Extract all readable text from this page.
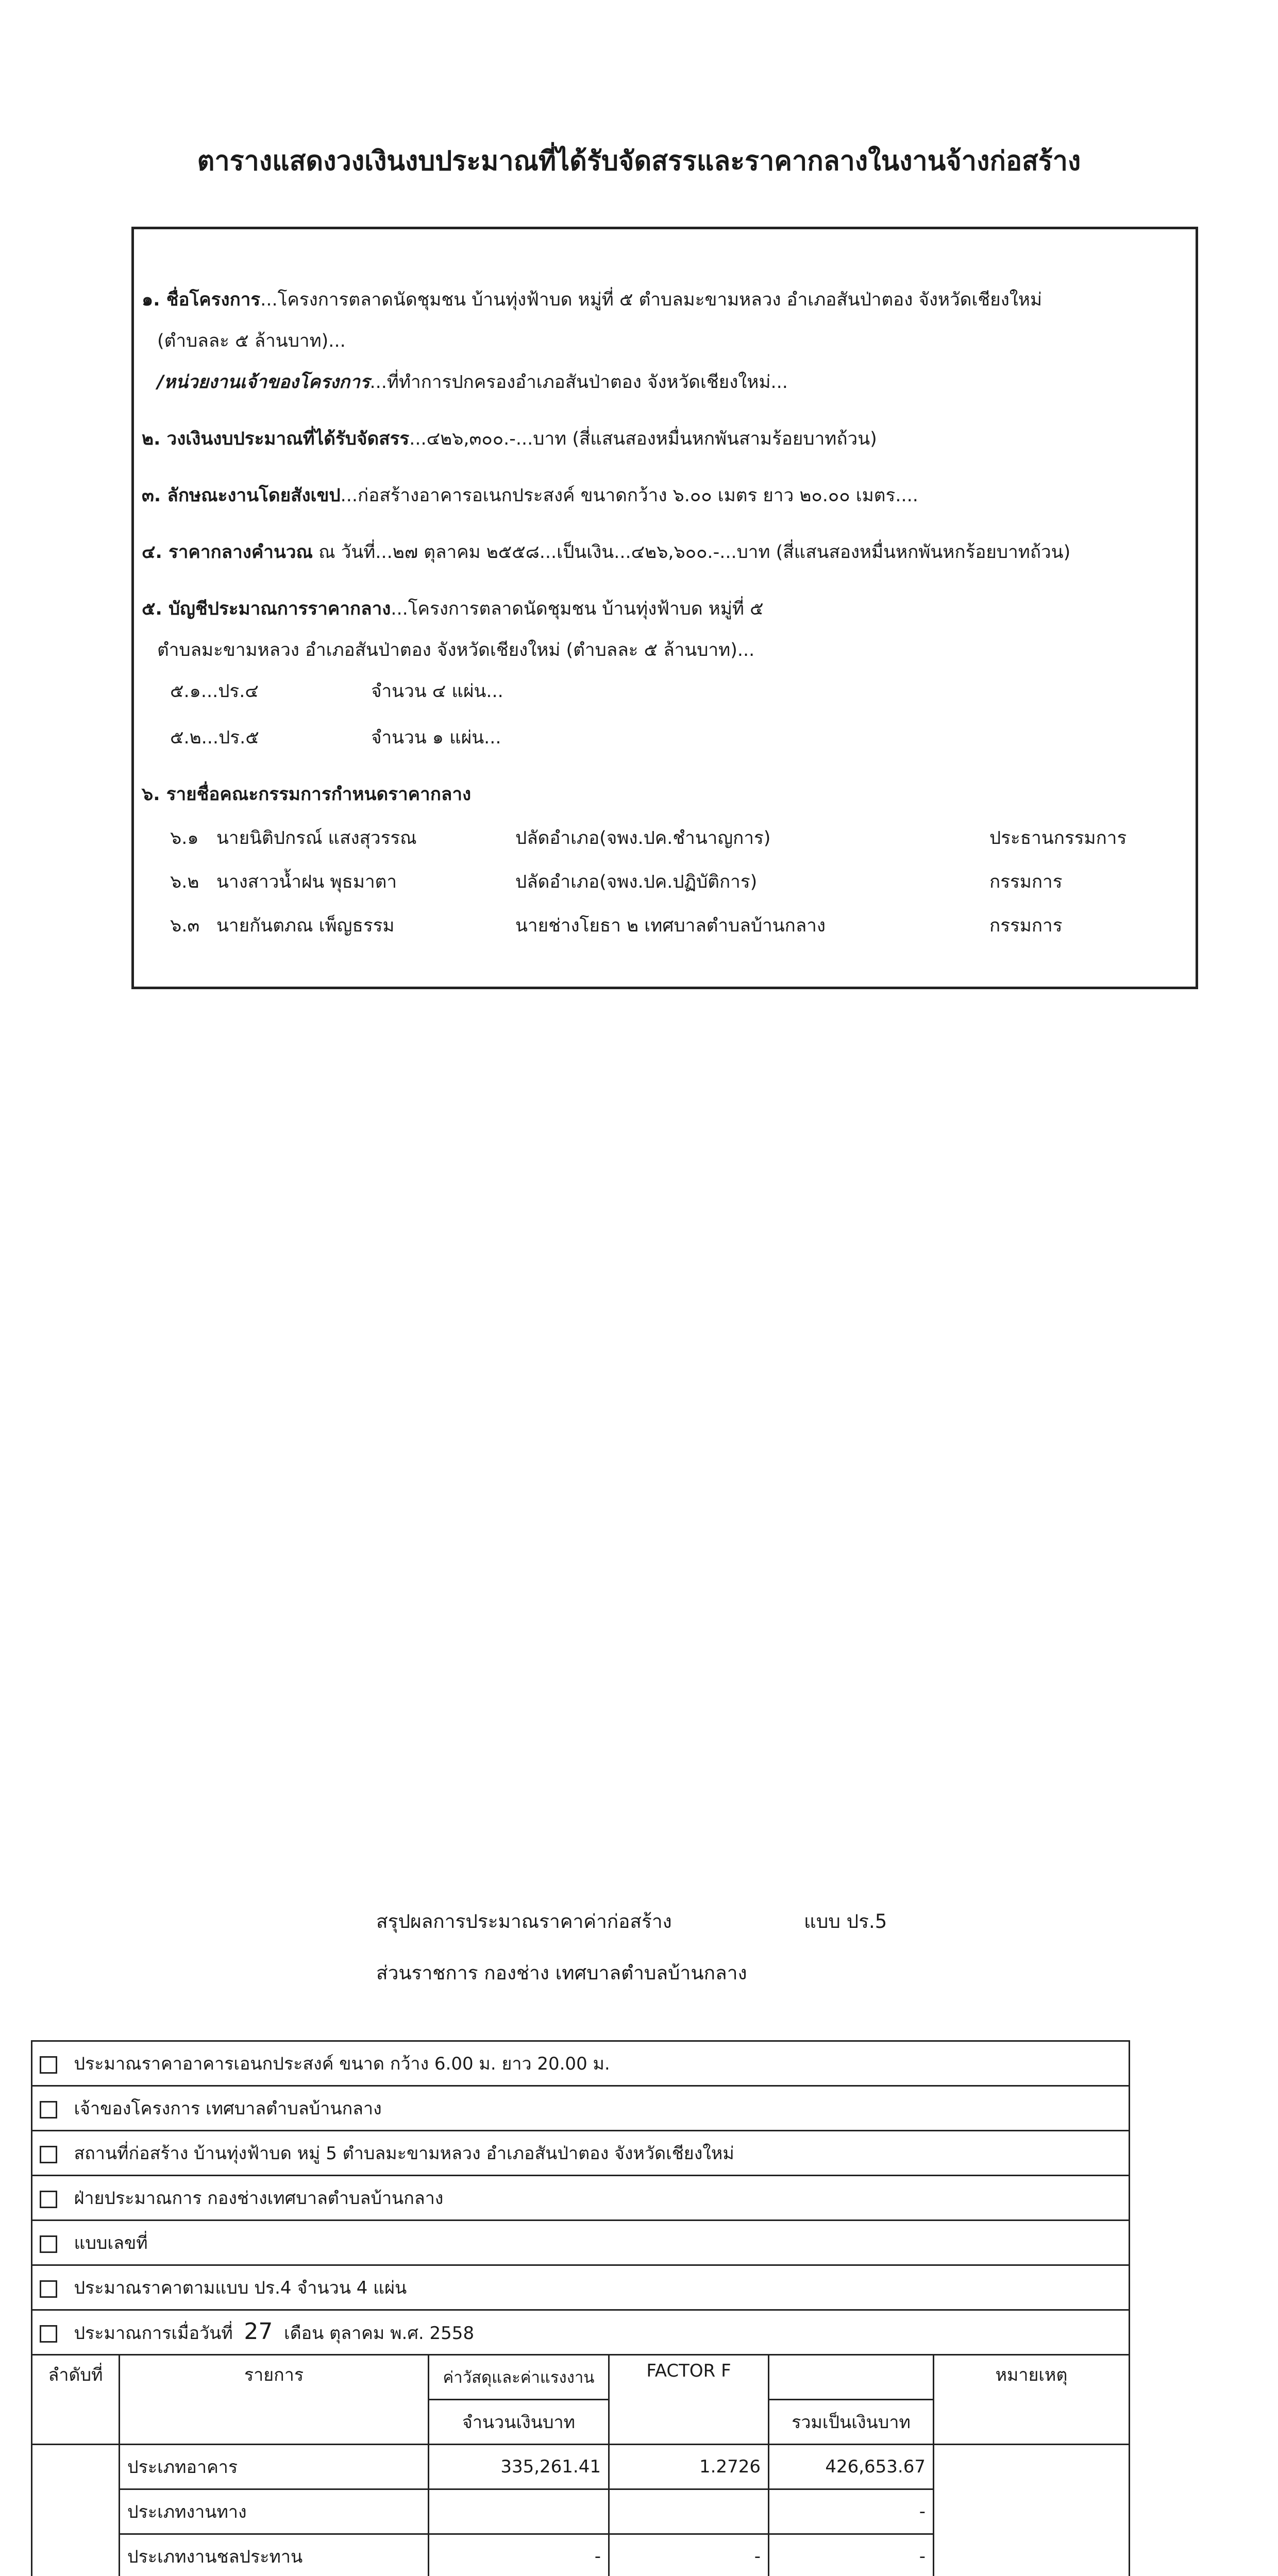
ตารางแสดงวงเงินงบประมาณที่ได้รับจัดสรรและราคากลางในงานจ้างก่อสร้าง
๑. ชื่อโครงการ...โครงการตลาดนัดชุมชน บ้านทุ่งฟ้าบด หมู่ที่ ๕ ตำบลมะขามหลวง อำเภอสันป่าตอง จังหวัดเชียงใหม่
(ตำบลละ ๕ ล้านบาท)...
/หน่วยงานเจ้าของโครงการ...ที่ทำการปกครองอำเภอสันป่าตอง จังหวัดเชียงใหม่...
๒. วงเงินงบประมาณที่ได้รับจัดสรร...๔๒๖,๓๐๐.-...บาท (สี่แสนสองหมื่นหกพันสามร้อยบาทถ้วน)
๓. ลักษณะงานโดยสังเขป...ก่อสร้างอาคารอเนกประสงค์ ขนาดกว้าง ๖.๐๐ เมตร ยาว ๒๐.๐๐ เมตร....
๔. ราคากลางคำนวณ ณ วันที่...๒๗ ตุลาคม ๒๕๕๘...เป็นเงิน...๔๒๖,๖๐๐.-...บาท (สี่แสนสองหมื่นหกพันหกร้อยบาทถ้วน)
๕. บัญชีประมาณการราคากลาง...โครงการตลาดนัดชุมชน บ้านทุ่งฟ้าบด หมู่ที่ ๕
ตำบลมะขามหลวง อำเภอสันป่าตอง จังหวัดเชียงใหม่ (ตำบลละ ๕ ล้านบาท)...
๕.๑...ปร.๔	จำนวน ๔ แผ่น...
๕.๒...ปร.๕	จำนวน ๑ แผ่น...
๖. รายชื่อคณะกรรมการกำหนดราคากลาง
๖.๑ นายนิติปกรณ์ แสงสุวรรณ	ปลัดอำเภอ(จพง.ปค.ชำนาญการ)	ประธานกรรมการ
๖.๒ นางสาวน้ำฝน พุธมาตา	ปลัดอำเภอ(จพง.ปค.ปฏิบัติการ)	กรรมการ
๖.๓ นายกันตภณ เพ็ญธรรม	นายช่างโยธา ๒ เทศบาลตำบลบ้านกลาง	กรรมการ
สรุปผลการประมาณราคาค่าก่อสร้าง	แบบ ปร.5
ส่วนราชการ กองช่าง เทศบาลตำบลบ้านกลาง
ประมาณราคาอาคารเอนกประสงค์ ขนาด กว้าง 6.00 ม. ยาว 20.00 ม.					
เจ้าของโครงการ เทศบาลตำบลบ้านกลาง					
สถานที่ก่อสร้าง บ้านทุ่งฟ้าบด หมู่ 5 ตำบลมะขามหลวง อำเภอสันป่าตอง จังหวัดเชียงใหม่					
ฝ่ายประมาณการ กองช่างเทศบาลตำบลบ้านกลาง					
แบบเลขที่					
ประมาณราคาตามแบบ ปร.4 จำนวน 4 แผ่น					
ประมาณการเมื่อวันที่ 27 เดือน ตุลาคม พ.ศ. 2558					
ลำดับที่	รายการ	ค่าวัสดุและค่าแรงงาน	FACTOR F		หมายเหตุ
		จำนวนเงินบาท		รวมเป็นเงินบาท	
	ประเภทอาคาร	335,261.41	1.2726	426,653.67	
	ประเภทงานทาง			-	
	ประเภทงานชลประทาน	-	-	-	
